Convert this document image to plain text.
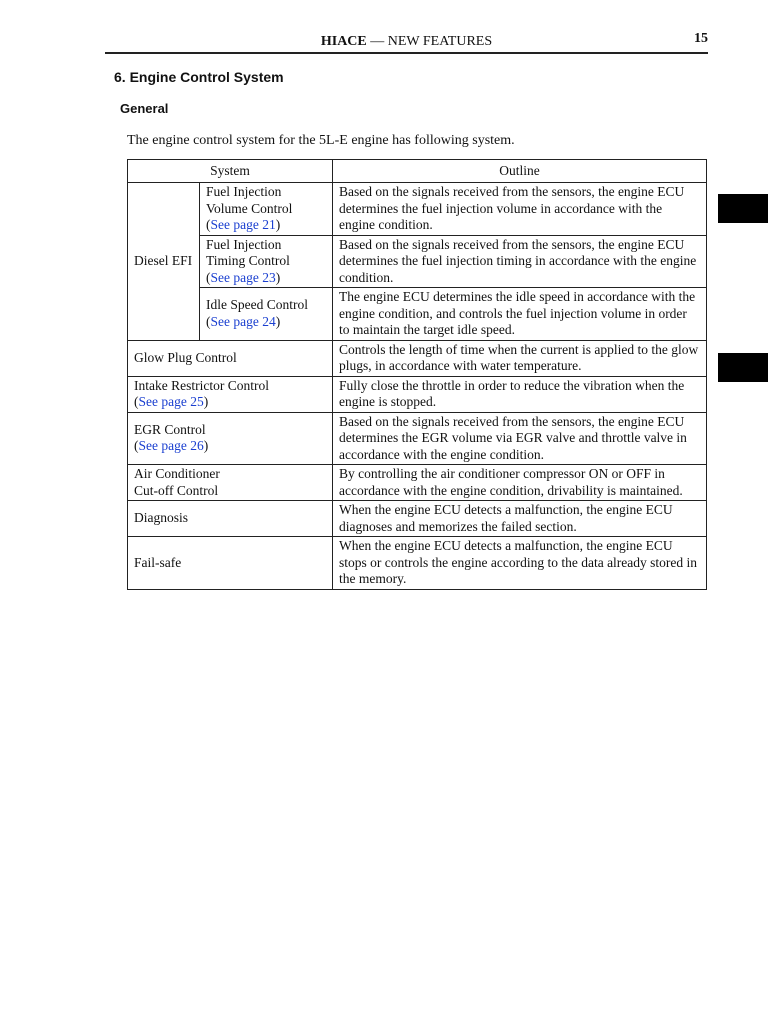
HIACE — NEW FEATURES	15
6. Engine Control System
General
The engine control system for the 5L-E engine has following system.
System		Outline
Diesel EFI	Fuel Injection
Volume Control
(See page 21)	Based on the signals received from the sensors, the engine ECU determines the fuel injection volume in accordance with the engine condition.
	Fuel Injection
Timing Control
(See page 23)	Based on the signals received from the sensors, the engine ECU determines the fuel injection timing in accordance with the engine condition.
	Idle Speed Control
(See page 24)	The engine ECU determines the idle speed in accordance with the engine condition, and controls the fuel injection volume in order to maintain the target idle speed.
Glow Plug Control		Controls the length of time when the current is applied to the glow plugs, in accordance with water temperature.
Intake Restrictor Control
(See page 25)		Fully close the throttle in order to reduce the vibration when the engine is stopped.
EGR Control
(See page 26)		Based on the signals received from the sensors, the engine ECU determines the EGR volume via EGR valve and throttle valve in accordance with the engine condition.
Air Conditioner
Cut-off Control		By controlling the air conditioner compressor ON or OFF in accordance with the engine condition, drivability is maintained.
Diagnosis		When the engine ECU detects a malfunction, the engine ECU diagnoses and memorizes the failed section.
Fail-safe		When the engine ECU detects a malfunction, the engine ECU stops or controls the engine according to the data already stored in the memory.
